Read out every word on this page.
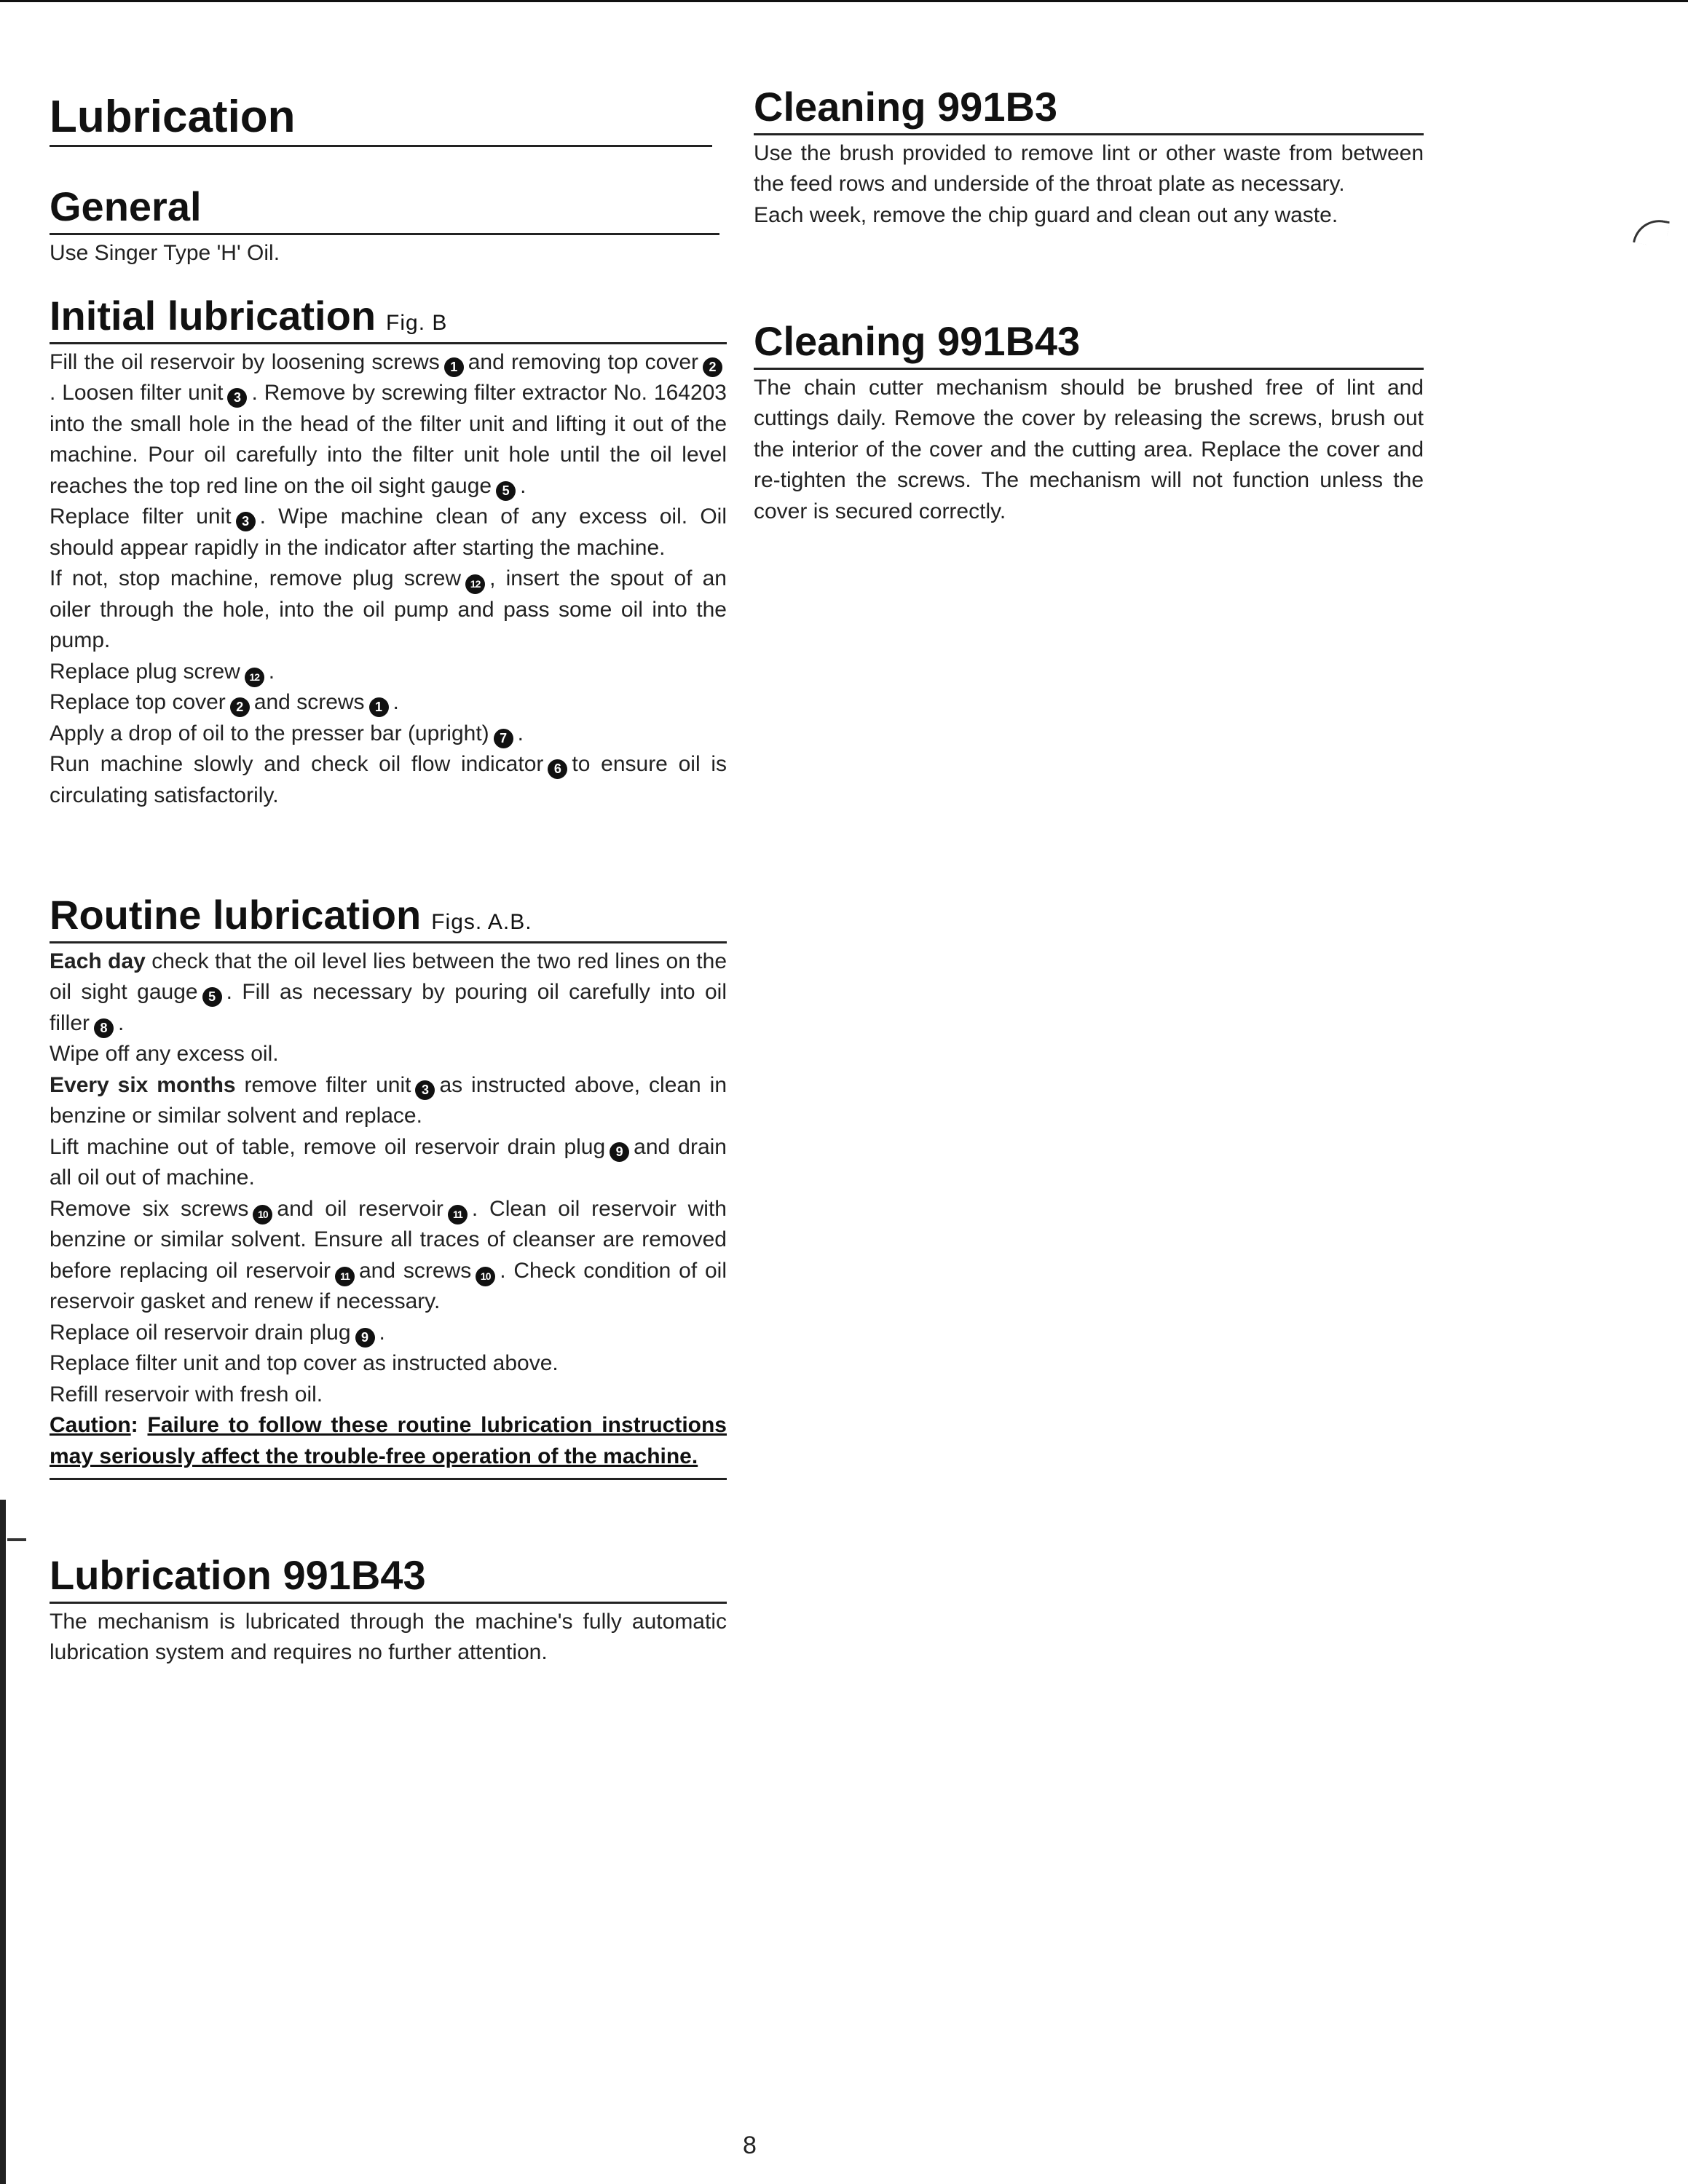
Lubrication
General

Use Singer Type 'H' Oil.

Initial lubrication Fig. B

Fill the oil reservoir by loosening screws 1 and removing top cover 2. Loosen filter unit 3 . Remove by screwing filter extractor No. 164203 into the small hole in the head of the filter unit and lifting it out of the machine. Pour oil carefully into the filter unit hole until the oil level reaches the top red line on the oil sight gauge 5 .

Replace filter unit 3 . Wipe machine clean of any excess oil. Oil should appear rapidly in the indicator after starting the machine.

If not, stop machine, remove plug screw 12 , insert the spout of an oiler through the hole, into the oil pump and pass some oil into the pump.

Replace plug screw 12 .

Replace top cover 2 and screws 1 .

Apply a drop of oil to the presser bar (upright) 7 .

Run machine slowly and check oil flow indicator 6 to ensure oil is circulating satisfactorily.

Routine lubrication Figs. A.B.

Each day check that the oil level lies between the two red lines on the oil sight gauge 5 . Fill as necessary by pouring oil carefully into oil filler 8 .

Wipe off any excess oil.

Every six months remove filter unit 3 as instructed above, clean in benzine or similar solvent and replace.

Lift machine out of table, remove oil reservoir drain plug 9 and drain all oil out of machine.

Remove six screws 10 and oil reservoir 11 . Clean oil reservoir with benzine or similar solvent. Ensure all traces of cleanser are removed before replacing oil reservoir 11 and screws 10 . Check condition of oil reservoir gasket and renew if necessary.

Replace oil reservoir drain plug 9 .

Replace filter unit and top cover as instructed above.

Refill reservoir with fresh oil.

Caution: Failure to follow these routine lubrication instructions may seriously affect the trouble-free operation of the machine.

Lubrication 991B43

The mechanism is lubricated through the machine's fully automatic lubrication system and requires no further attention.

Cleaning 991B3

Use the brush provided to remove lint or other waste from between the feed rows and underside of the throat plate as necessary.

Each week, remove the chip guard and clean out any waste.

Cleaning 991B43

The chain cutter mechanism should be brushed free of lint and cuttings daily. Remove the cover by releasing the screws, brush out the interior of the cover and the cutting area. Replace the cover and re-tighten the screws. The mechanism will not function unless the cover is secured correctly.

8
